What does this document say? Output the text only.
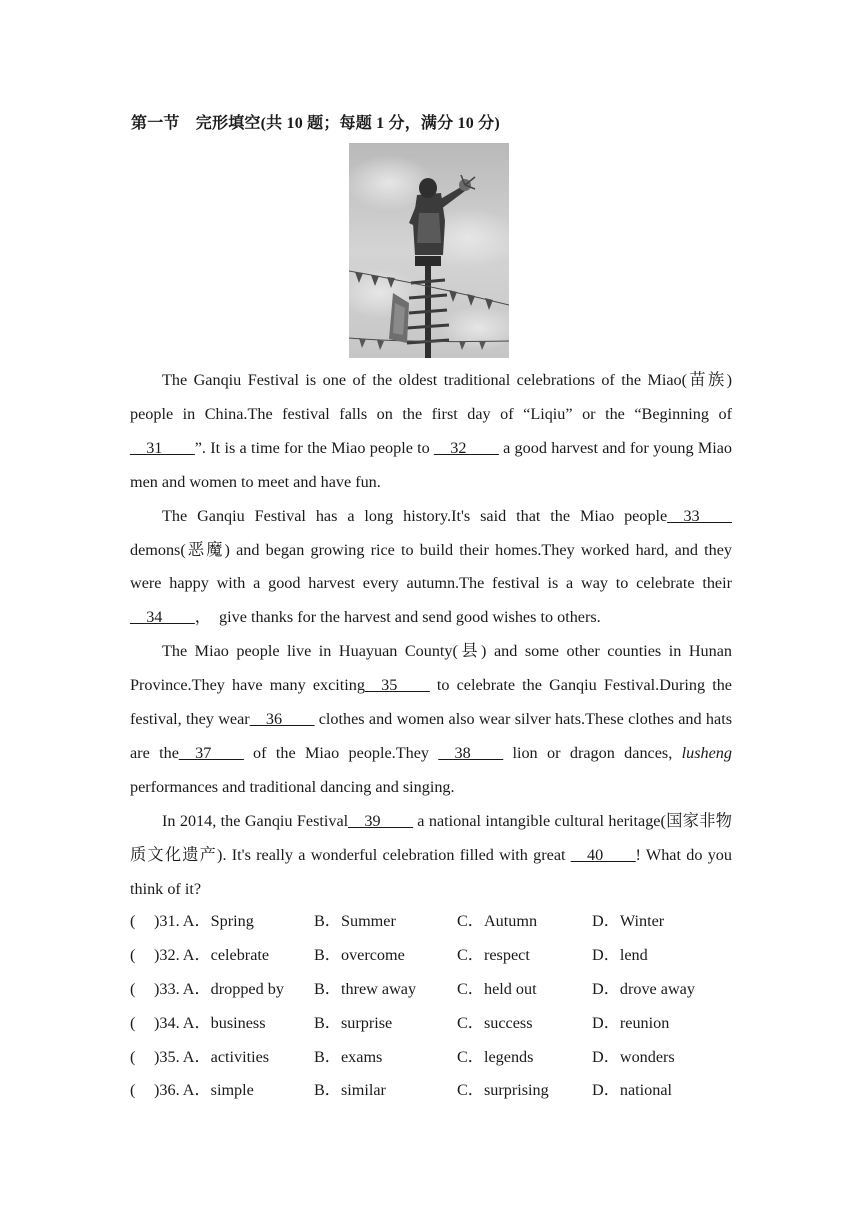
第一节　完形填空(共 10 题；每题 1 分，满分 10 分)

The Ganqiu Festival is one of the oldest traditional celebrations of the Miao(苗族) people in China.The festival falls on the first day of “Liqiu” or the “Beginning of __31____”. It is a time for the Miao people to __32____ a good harvest and for young Miao men and women to meet and have fun.

The Ganqiu Festival has a long history.It's said that the Miao people__33____ demons(恶魔) and began growing rice to build their homes.They worked hard, and they were happy with a good harvest every autumn.The festival is a way to celebrate their __34____，　give thanks for the harvest and send good wishes to others.

The Miao people live in Huayuan County(县) and some other counties in Hunan Province.They have many exciting__35____ to celebrate the Ganqiu Festival.During the festival, they wear__36____ clothes and women also wear silver hats.These clothes and hats are the__37____ of the Miao people.They __38____ lion or dragon dances, lusheng performances and traditional dancing and singing.

In 2014, the Ganqiu Festival__39____ a national intangible cultural heritage(国家非物质文化遗产). It's really a wonderful celebration filled with great __40____! What do you think of it?

( )31. A．Spring	B．Summer	C．Autumn	D．Winter
( )32. A．celebrate	B．overcome	C．respect	D．lend
( )33. A．dropped by B．threw away	C．held out	D．drove away
( )34. A．business	B．surprise	C．success	D．reunion
( )35. A．activities	B．exams	C．legends	D．wonders
( )36. A．simple	B．similar	C．surprising	D．national
